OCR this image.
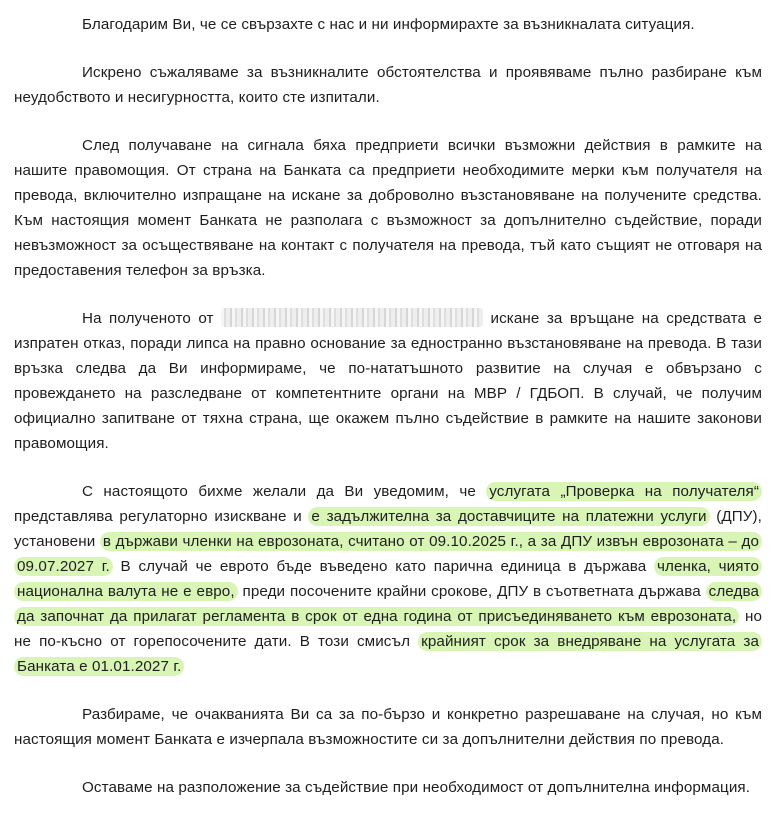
Благодарим Ви, че се свързахте с нас и ни информирахте за възникналата ситуация.

Искрено съжаляваме за възникналите обстоятелства и проявяваме пълно разбиране към неудобството и несигурността, които сте изпитали.

След получаване на сигнала бяха предприети всички възможни действия в рамките на нашите правомощия. От страна на Банката са предприети необходимите мерки към получателя на превода, включително изпращане на искане за доброволно възстановяване на получените средства. Към настоящия момент Банката не разполага с възможност за допълнително съдействие, поради невъзможност за осъществяване на контакт с получателя на превода, тъй като същият не отговаря на предоставения телефон за връзка.

На полученото от	искане за връщане на средствата е изпратен отказ, поради липса на правно основание за едностранно възстановяване на превода. В тази връзка следва да Ви информираме, че по-нататъшното развитие на случая е обвързано с провеждането на разследване от компетентните органи на МВР / ГДБОП. В случай, че получим официално запитване от тяхна страна, ще окажем пълно съдействие в рамките на нашите законови правомощия.

С настоящото бихме желали да Ви уведомим, че услугата „Проверка на получателя“ представлява регулаторно изискване и е задължителна за доставчиците на платежни услуги (ДПУ), установени в държави членки на еврозоната, считано от 09.10.2025 г., а за ДПУ извън еврозоната – до 09.07.2027 г. В случай че еврото бъде въведено като парична единица в държава членка, чиято национална валута не е евро, преди посочените крайни срокове, ДПУ в съответната държава следва да започнат да прилагат регламента в срок от една година от присъединяването към еврозоната, но не по-късно от горепосочените дати. В този смисъл крайният срок за внедряване на услугата за Банката е 01.01.2027 г.

Разбираме, че очакванията Ви са за по-бързо и конкретно разрешаване на случая, но към настоящия момент Банката е изчерпала възможностите си за допълнителни действия по превода.

Оставаме на разположение за съдействие при необходимост от допълнителна информация.
